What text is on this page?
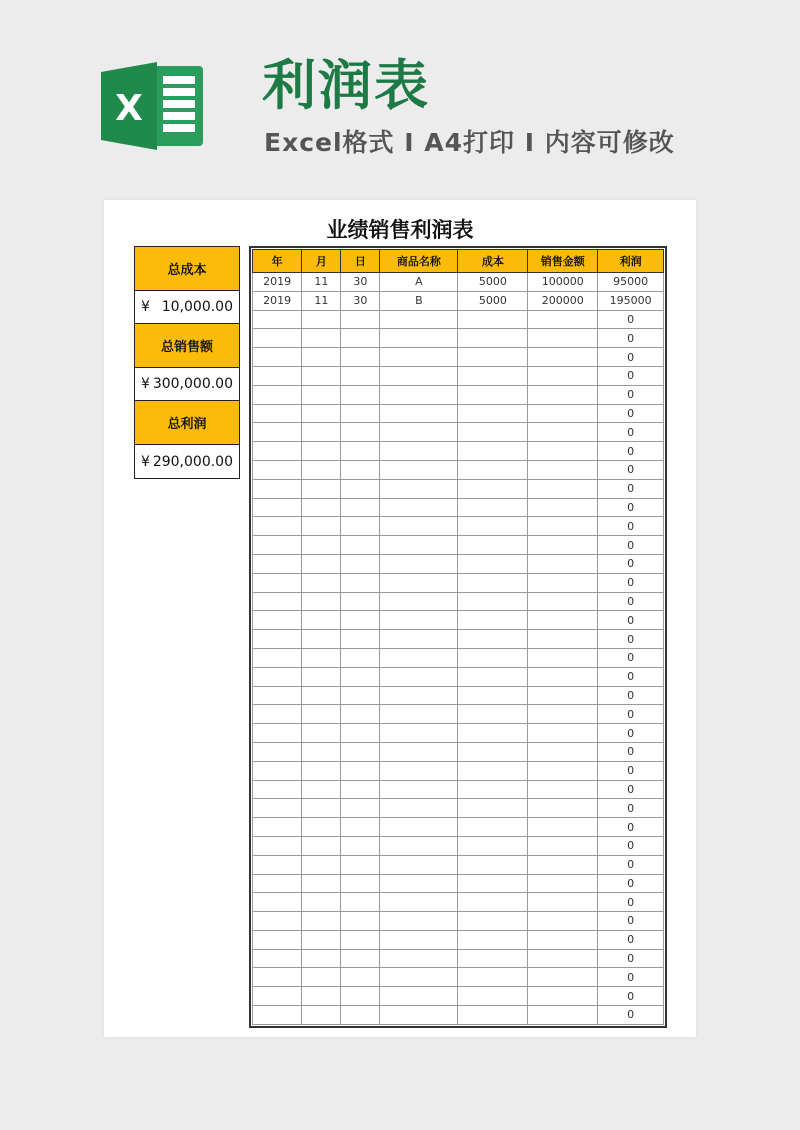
X 利润表
Excel格式 I A4打印 I 内容可修改
业绩销售利润表
总成本
¥ 10,000.00
总销售额
¥ 300,000.00
总利润
¥ 290,000.00
年	月	日	商品名称	成本	销售金额	利润
2019	11	30	A	5000	100000	95000
2019	11	30	B	5000	200000	195000
						0
						0
						0
						0
						0
						0
						0
						0
						0
						0
						0
						0
						0
						0
						0
						0
						0
						0
						0
						0
						0
						0
						0
						0
						0
						0
						0
						0
						0
						0
						0
						0
						0
						0
						0
						0
						0
						0
